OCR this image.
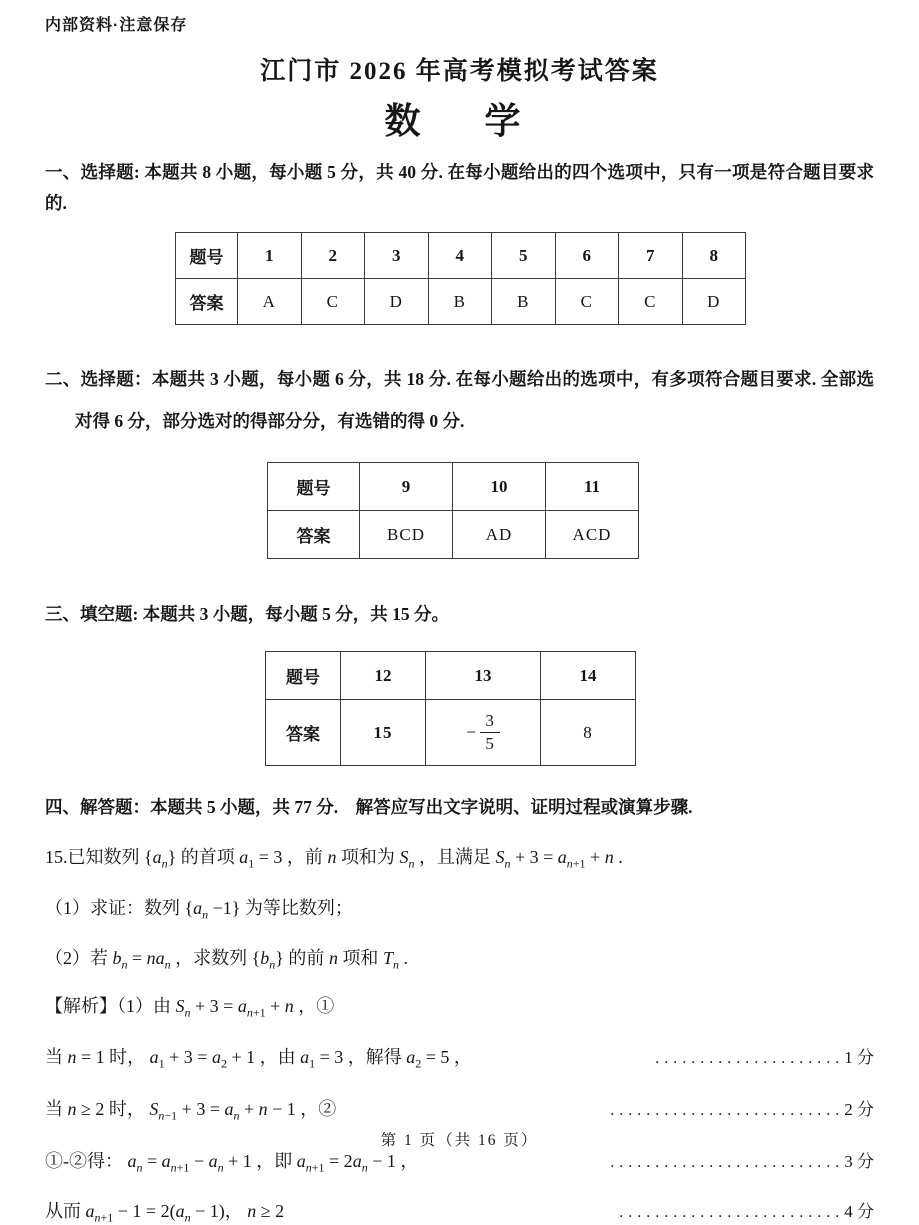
内部资料·注意保存
江门市 2026 年高考模拟考试答案
数　学
一、选择题: 本题共 8 小题，每小题 5 分，共 40 分. 在每小题给出的四个选项中，只有一项是符合题目要求的.
题号	1	2	3	4	5	6	7	8
答案	A	C	D	B	B	C	C	D
二、选择题：本题共 3 小题，每小题 6 分，共 18 分. 在每小题给出的选项中，有多项符合题目要求. 全部选对得 6 分，部分选对的得部分分，有选错的得 0 分.
题号	9	10	11
答案	BCD	AD	ACD
三、填空题: 本题共 3 小题，每小题 5 分，共 15 分。
题号	12	13	14
答案	15	− $\frac{3}{5}$	8
四、解答题：本题共 5 小题，共 77 分.　解答应写出文字说明、证明过程或演算步骤.
15.已知数列 $\{a_n\}$ 的首项 $a_1 = 3$ ，前 n 项和为 $S_n$ ，且满足 $S_n + 3 = a_{n+1} + n$ .
（1）求证：数列 $\{a_n -1\}$ 为等比数列；
（2）若 $b_n = na_n$ ，求数列 $\{b_n\}$ 的前 n 项和 $T_n$ .
【解析】（1）由 $S_n + 3 = a_{n+1} + n$ ，①
当 n = 1 时， $a_1 + 3 = a_2 + 1$ ，由 $a_1 = 3$ ，解得 $a_2 = 5$ ，	..................... 1 分
当 n ≥ 2 时， $S_{n-1} + 3 = a_n + n - 1$ ，②	.......................... 2 分
①-②得： $a_n = a_{n+1} - a_n + 1$ ，即 $a_{n+1} = 2a_n - 1$ ，	.......................... 3 分
从而 $a_{n+1} - 1 = 2(a_n - 1)$， n ≥ 2	......................... 4 分
第 1 页（共 16 页）
